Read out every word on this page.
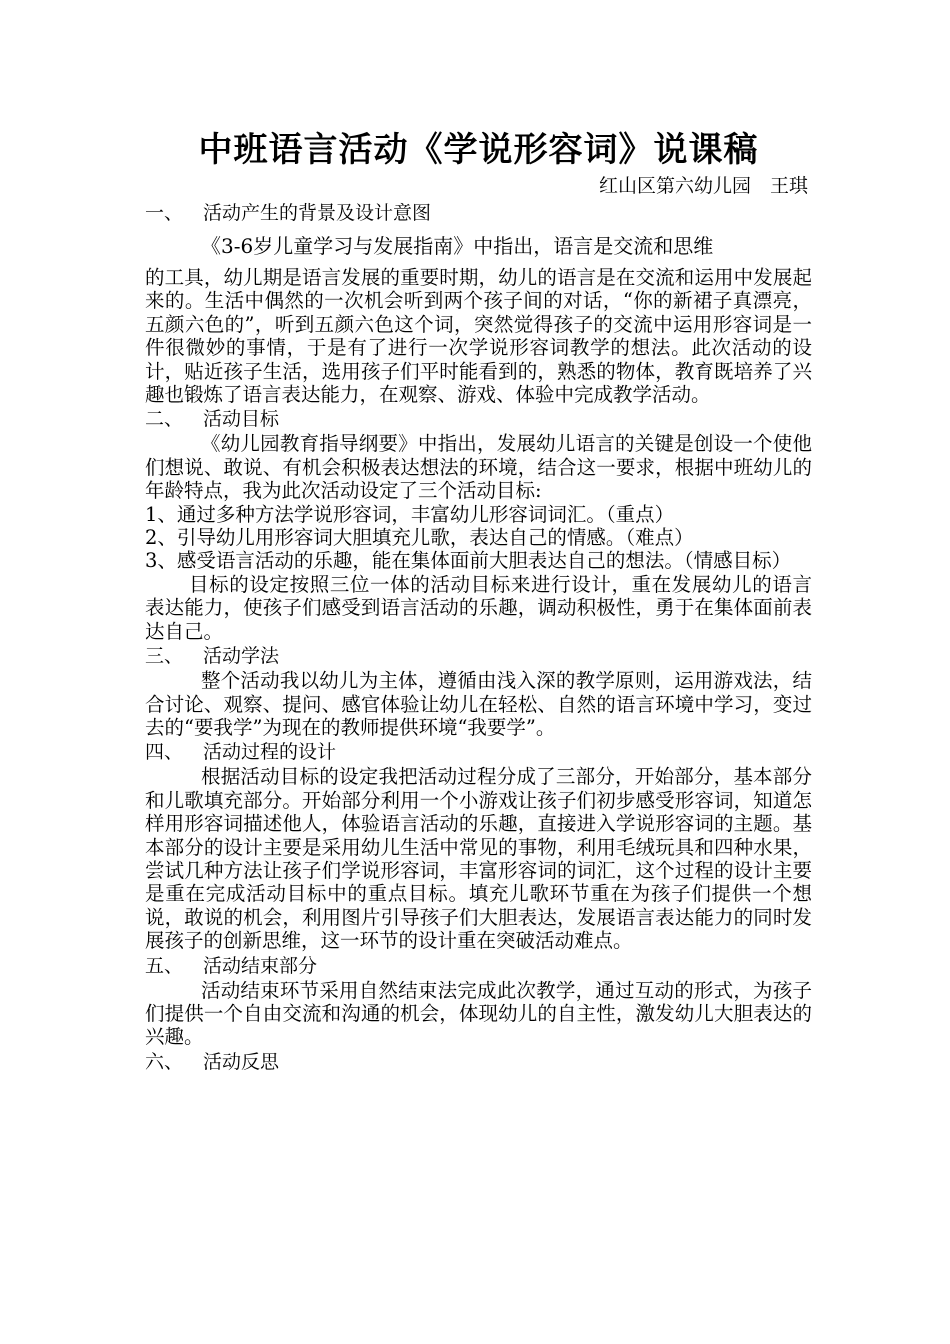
中班语言活动《学说形容词》说课稿

红山区第六幼儿园　王琪

一、	活动产生的背景及设计意图

《3-6岁儿童学习与发展指南》中指出，语言是交流和思维

的工具，幼儿期是语言发展的重要时期，幼儿的语言是在交流和运用中发展起来的。生活中偶然的一次机会听到两个孩子间的对话，“你的新裙子真漂亮，五颜六色的”，听到五颜六色这个词，突然觉得孩子的交流中运用形容词是一件很微妙的事情，于是有了进行一次学说形容词教学的想法。此次活动的设计，贴近孩子生活，选用孩子们平时能看到的，熟悉的物体，教育既培养了兴趣也锻炼了语言表达能力，在观察、游戏、体验中完成教学活动。

二、	活动目标

《幼儿园教育指导纲要》中指出，发展幼儿语言的关键是创设一个使他们想说、敢说、有机会积极表达想法的环境，结合这一要求，根据中班幼儿的年龄特点，我为此次活动设定了三个活动目标:

1、通过多种方法学说形容词，丰富幼儿形容词词汇。（重点）

2、引导幼儿用形容词大胆填充儿歌，表达自己的情感。（难点）

3、感受语言活动的乐趣，能在集体面前大胆表达自己的想法。（情感目标）

目标的设定按照三位一体的活动目标来进行设计，重在发展幼儿的语言表达能力，使孩子们感受到语言活动的乐趣，调动积极性，勇于在集体面前表达自己。

三、	活动学法

整个活动我以幼儿为主体，遵循由浅入深的教学原则，运用游戏法，结合讨论、观察、提问、感官体验让幼儿在轻松、自然的语言环境中学习，变过去的“要我学”为现在的教师提供环境“我要学”。

四、	活动过程的设计

根据活动目标的设定我把活动过程分成了三部分，开始部分，基本部分和儿歌填充部分。开始部分利用一个小游戏让孩子们初步感受形容词，知道怎样用形容词描述他人，体验语言活动的乐趣，直接进入学说形容词的主题。基本部分的设计主要是采用幼儿生活中常见的事物，利用毛绒玩具和四种水果，尝试几种方法让孩子们学说形容词，丰富形容词的词汇，这个过程的设计主要是重在完成活动目标中的重点目标。填充儿歌环节重在为孩子们提供一个想说，敢说的机会，利用图片引导孩子们大胆表达，发展语言表达能力的同时发展孩子的创新思维，这一环节的设计重在突破活动难点。

五、	活动结束部分

活动结束环节采用自然结束法完成此次教学，通过互动的形式，为孩子们提供一个自由交流和沟通的机会，体现幼儿的自主性，激发幼儿大胆表达的兴趣。

六、	活动反思
